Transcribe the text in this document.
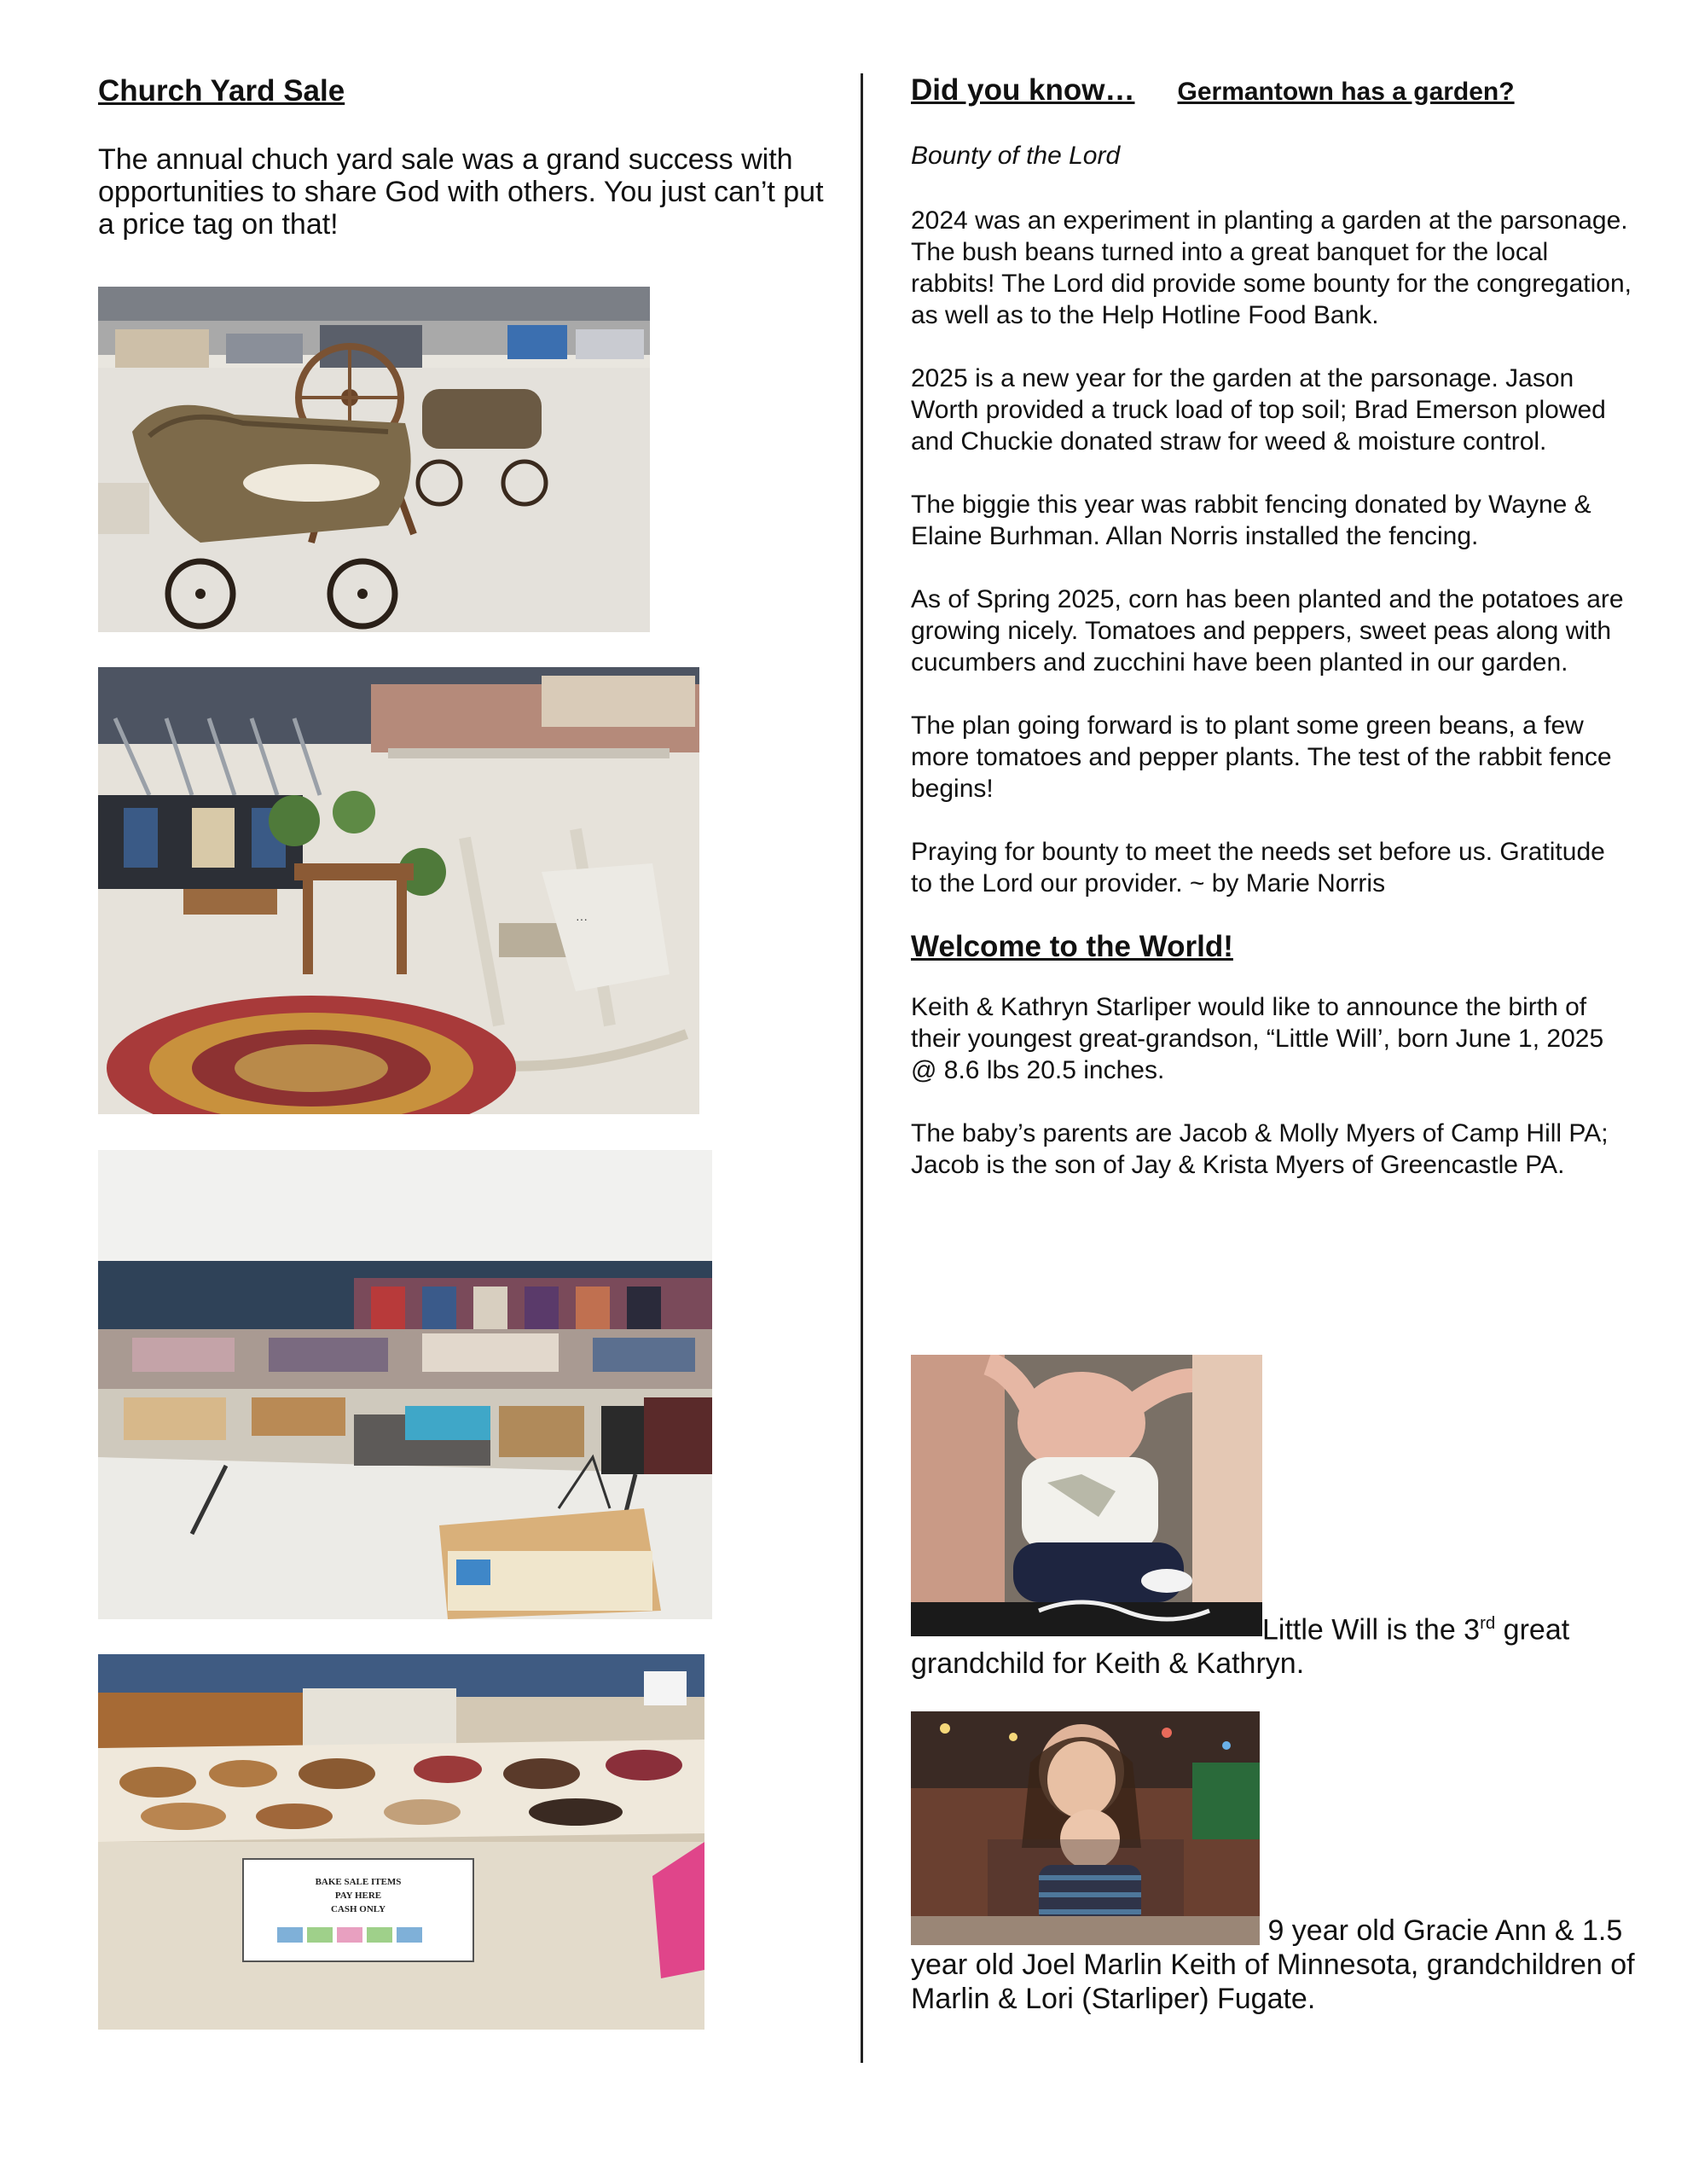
Church Yard Sale
The annual chuch yard sale was a grand success with opportunities to share God with others. You just can’t put a price tag on that!
···
BAKE SALE ITEMS
PAY HERE
CASH ONLY
Did you know… Germantown has a garden?
Bounty of the Lord
2024 was an experiment in planting a garden at the parsonage. The bush beans turned into a great banquet for the local rabbits! The Lord did provide some bounty for the congregation, as well as to the Help Hotline Food Bank.
2025 is a new year for the garden at the parsonage. Jason Worth provided a truck load of top soil; Brad Emerson plowed and Chuckie donated straw for weed & moisture control.
The biggie this year was rabbit fencing donated by Wayne & Elaine Burhman. Allan Norris installed the fencing.
As of Spring 2025, corn has been planted and the potatoes are growing nicely. Tomatoes and peppers, sweet peas along with cucumbers and zucchini have been planted in our garden.
The plan going forward is to plant some green beans, a few more tomatoes and pepper plants. The test of the rabbit fence begins!
Praying for bounty to meet the needs set before us. Gratitude to the Lord our provider. ~ by Marie Norris
Welcome to the World!
Keith & Kathryn Starliper would like to announce the birth of their youngest great-grandson, “Little Will’, born June 1, 2025 @ 8.6 lbs 20.5 inches.
The baby’s parents are Jacob & Molly Myers of Camp Hill PA; Jacob is the son of Jay & Krista Myers of Greencastle PA.
Little Will is the 3rd great grandchild for Keith & Kathryn.
9 year old Gracie Ann & 1.5 year old Joel Marlin Keith of Minnesota, grandchildren of Marlin & Lori (Starliper) Fugate.
